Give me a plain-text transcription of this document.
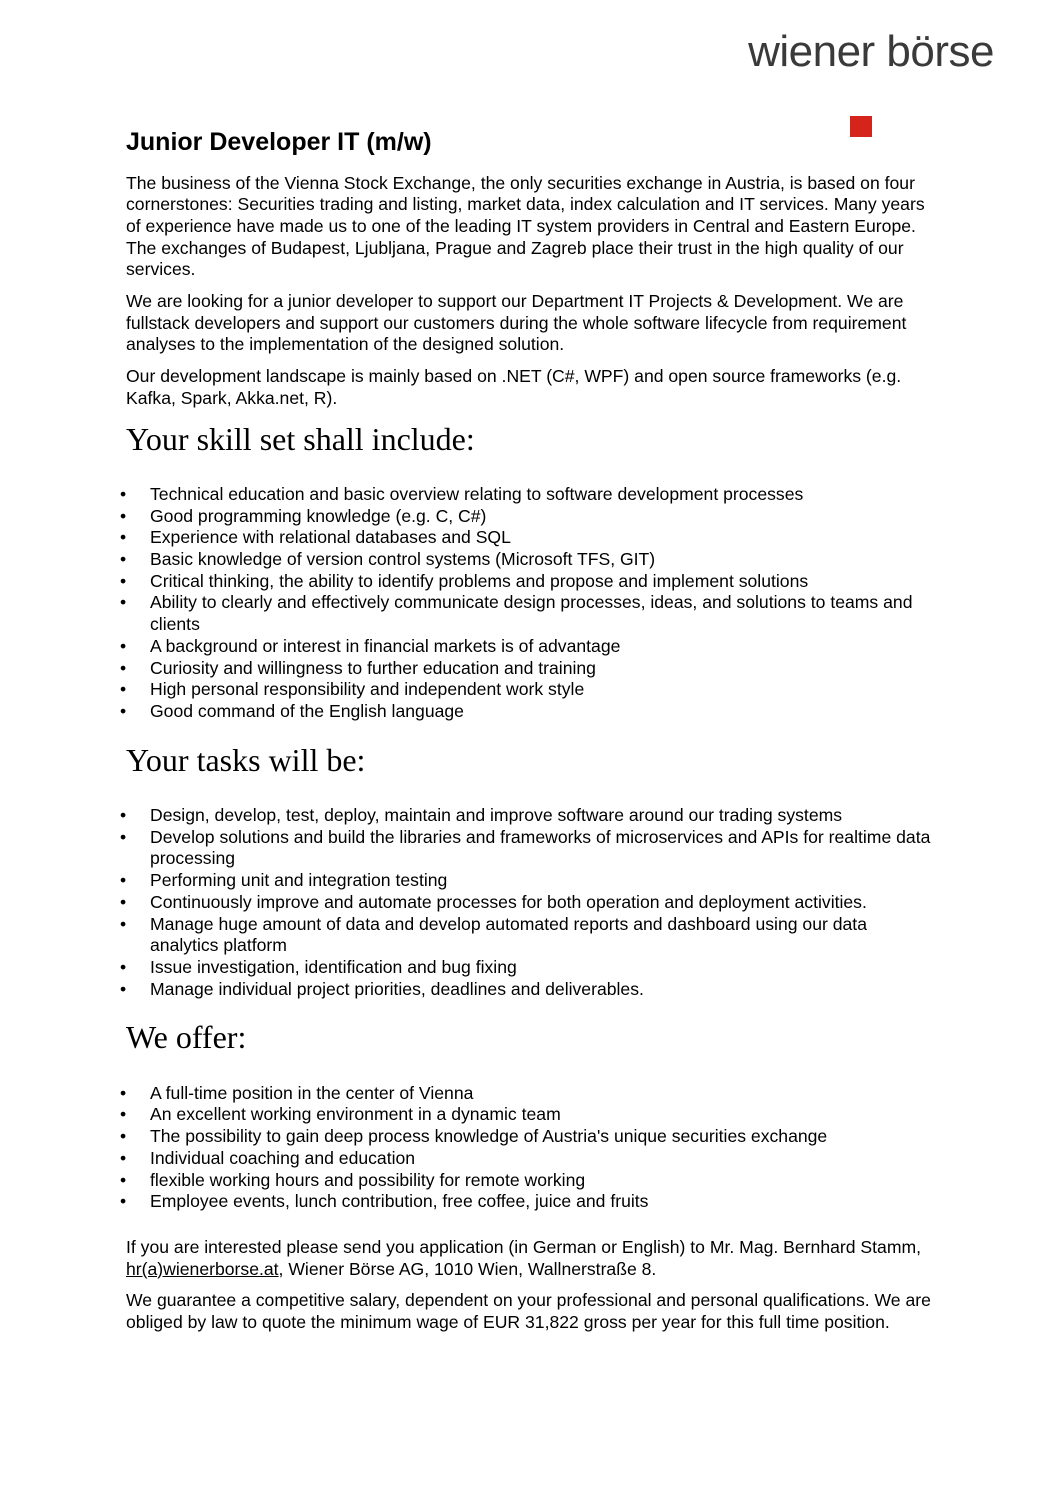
wiener börse
Junior Developer IT (m/w)

The business of the Vienna Stock Exchange, the only securities exchange in Austria, is based on four cornerstones: Securities trading and listing, market data, index calculation and IT services. Many years of experience have made us to one of the leading IT system providers in Central and Eastern Europe. The exchanges of Budapest, Ljubljana, Prague and Zagreb place their trust in the high quality of our services.

We are looking for a junior developer to support our Department IT Projects & Development. We are fullstack developers and support our customers during the whole software lifecycle from requirement analyses to the implementation of the designed solution.

Our development landscape is mainly based on .NET (C#, WPF) and open source frameworks (e.g. Kafka, Spark, Akka.net, R).

Your skill set shall include:
• Technical education and basic overview relating to software development processes
• Good programming knowledge (e.g. C, C#)
• Experience with relational databases and SQL
• Basic knowledge of version control systems (Microsoft TFS, GIT)
• Critical thinking, the ability to identify problems and propose and implement solutions
• Ability to clearly and effectively communicate design processes, ideas, and solutions to teams and clients
• A background or interest in financial markets is of advantage
• Curiosity and willingness to further education and training
• High personal responsibility and independent work style
• Good command of the English language
Your tasks will be:
• Design, develop, test, deploy, maintain and improve software around our trading systems
• Develop solutions and build the libraries and frameworks of microservices and APIs for realtime data processing
• Performing unit and integration testing
• Continuously improve and automate processes for both operation and deployment activities.
• Manage huge amount of data and develop automated reports and dashboard using our data analytics platform
• Issue investigation, identification and bug fixing
• Manage individual project priorities, deadlines and deliverables.
We offer:
• A full-time position in the center of Vienna
• An excellent working environment in a dynamic team
• The possibility to gain deep process knowledge of Austria's unique securities exchange
• Individual coaching and education
• flexible working hours and possibility for remote working
• Employee events, lunch contribution, free coffee, juice and fruits

If you are interested please send you application (in German or English) to Mr. Mag. Bernhard Stamm, hr(a)wienerborse.at, Wiener Börse AG, 1010 Wien, Wallnerstraße 8.

We guarantee a competitive salary, dependent on your professional and personal qualifications. We are obliged by law to quote the minimum wage of EUR 31,822 gross per year for this full time position.
